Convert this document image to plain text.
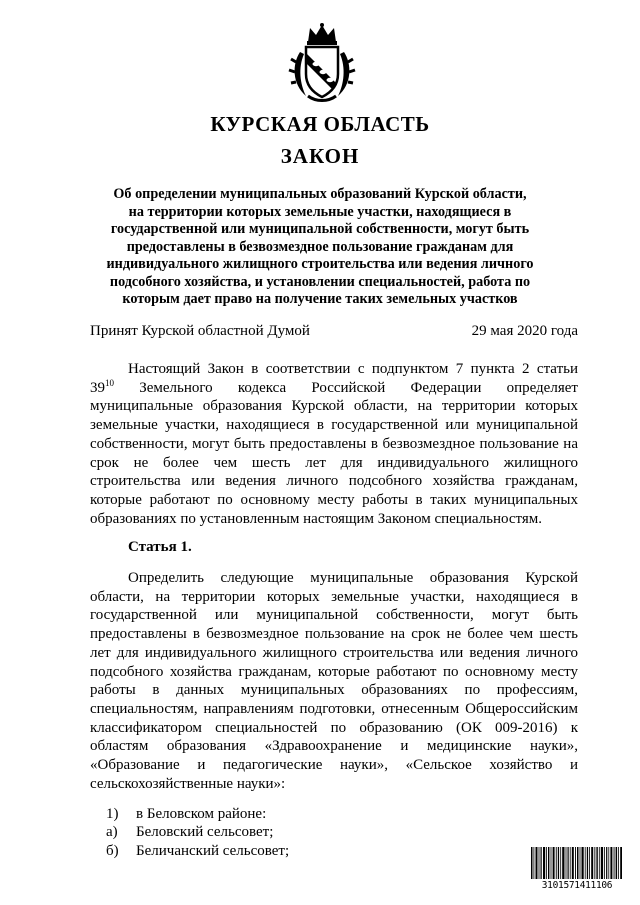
КУРСКАЯ ОБЛАСТЬ
ЗАКОН
Об определении муниципальных образований Курской области,
на территории которых земельные участки, находящиеся в
государственной или муниципальной собственности, могут быть
предоставлены в безвозмездное пользование гражданам для
индивидуального жилищного строительства или ведения личного
подсобного хозяйства, и установлении специальностей, работа по
которым дает право на получение таких земельных участков
Принят Курской областной Думой	29 мая 2020 года
Настоящий Закон в соответствии с подпунктом 7 пункта 2 статьи
$39^{10}$ Земельного кодекса Российской Федерации определяет
муниципальные образования Курской области, на территории которых
земельные участки, находящиеся в государственной или муниципальной
собственности, могут быть предоставлены в безвозмездное пользование на
срок не более чем шесть лет для индивидуального жилищного
строительства или ведения личного подсобного хозяйства гражданам,
которые работают по основному месту работы в таких муниципальных
образованиях по установленным настоящим Законом специальностям.
Статья 1.
Определить следующие муниципальные образования Курской
области, на территории которых земельные участки, находящиеся в
государственной или муниципальной собственности, могут быть
предоставлены в безвозмездное пользование на срок не более чем шесть
лет для индивидуального жилищного строительства или ведения личного
подсобного хозяйства гражданам, которые работают по основному месту
работы в данных муниципальных образованиях по профессиям,
специальностям, направлениям подготовки, отнесенным Общероссийским
классификатором специальностей по образованию (ОК 009-2016) к
областям образования «Здравоохранение и медицинские науки»,
«Образование и педагогические науки», «Сельское хозяйство и
сельскохозяйственные науки»:
1) в Беловском районе:
а) Беловский сельсовет;
б) Беличанский сельсовет;
3101571411106
